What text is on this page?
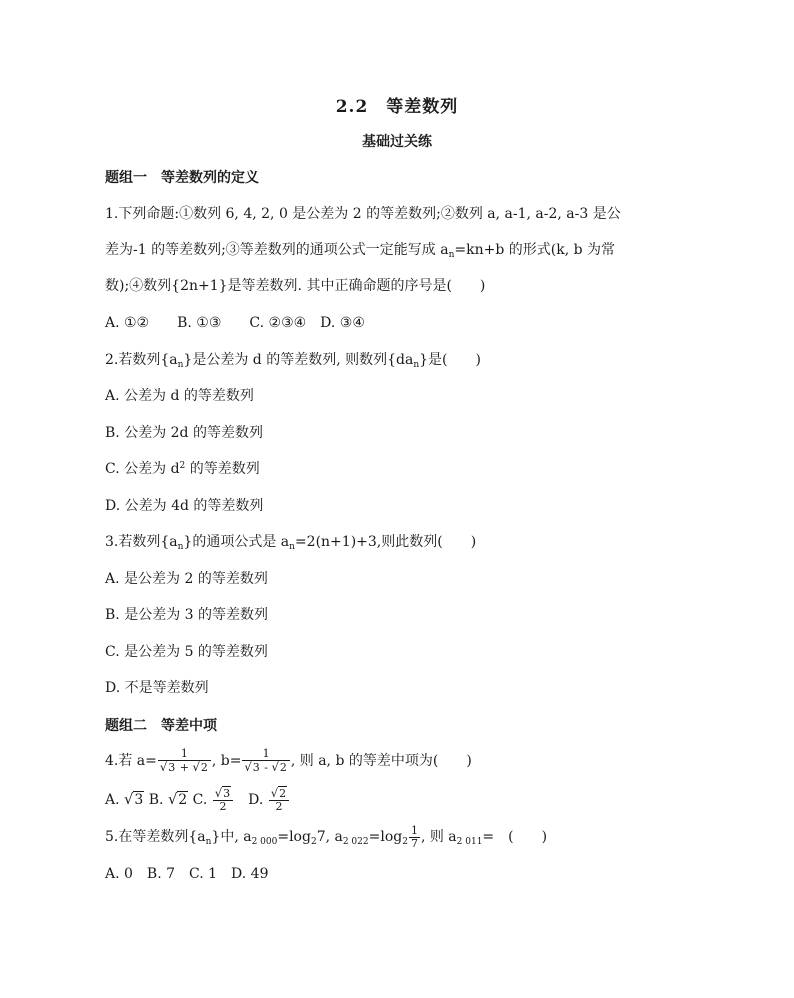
2.2　等差数列
基础过关练
题组一　等差数列的定义
1.下列命题:①数列 6, 4, 2, 0 是公差为 2 的等差数列;②数列 a, a-1, a-2, a-3 是公
差为-1 的等差数列;③等差数列的通项公式一定能写成 $a_n=kn+b$ 的形式(k, b 为常
数);④数列{2n+1}是等差数列. 其中正确命题的序号是(　　)
A. ①②　　B. ①③　　C. ②③④　D. ③④
2.若数列$\{a_n\}$是公差为 d 的等差数列, 则数列$\{da_n\}$是(　　)
A. 公差为 d 的等差数列
B. 公差为 2d 的等差数列
C. 公差为 $d^2$ 的等差数列
D. 公差为 4d 的等差数列
3.若数列$\{a_n\}$的通项公式是 $a_n=2(n+1)+3$,则此数列(　　)
A. 是公差为 2 的等差数列
B. 是公差为 3 的等差数列
C. 是公差为 5 的等差数列
D. 不是等差数列
题组二　等差中项
4.若 $a= \frac{1}{√3 + √2}$ , $b= \frac{1}{√3 - √2}$ , 则 a, b 的等差中项为(　　)
A. √3 B. √2 C. $\frac{√3}{2}$ 　D. $\frac{√2}{2}$
5.在等差数列$\{a_n\}$中, $a_{2 000}=\log_27$, $a_{2 022}=\log_2 \frac{1}{7}$ , 则 $a_{2 011}=$　(　　)
A. 0　B. 7　C. 1　D. 49
